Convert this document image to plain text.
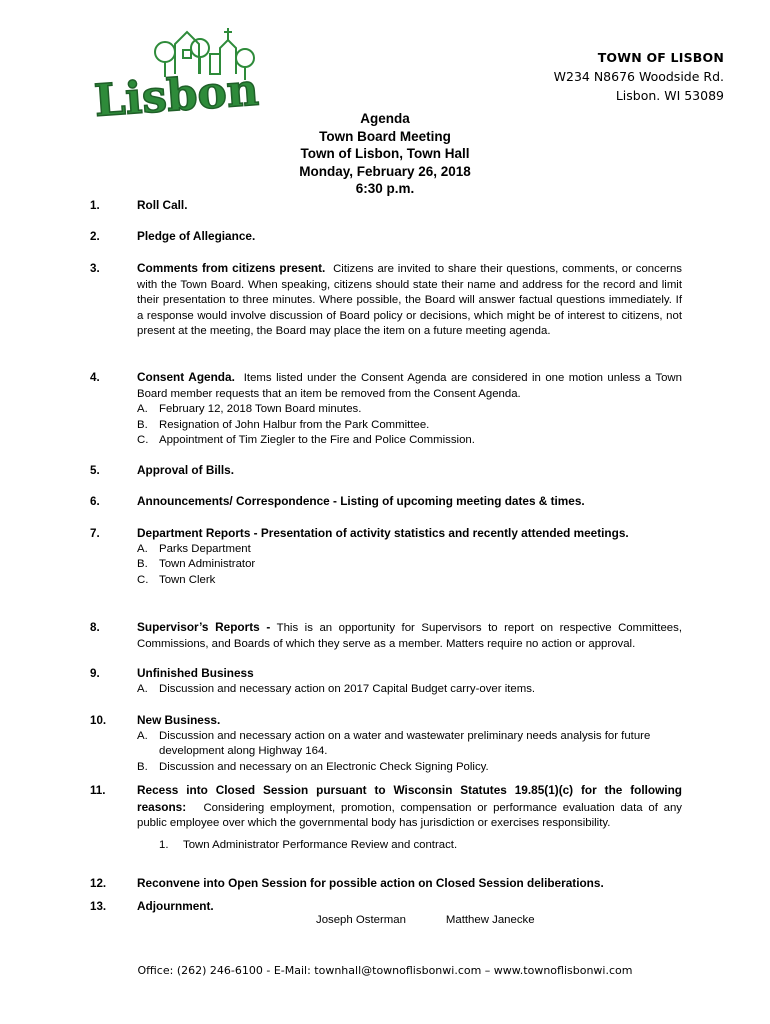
Lisbon
TOWN OF LISBON
W234 N8676 Woodside Rd.
Lisbon. WI 53089
Agenda
Town Board Meeting
Town of Lisbon, Town Hall
Monday, February 26, 2018
6:30 p.m.
1.	Roll Call.
2.	Pledge of Allegiance.
3.	Comments from citizens present. Citizens are invited to share their questions, comments, or concerns with the Town Board. When speaking, citizens should state their name and address for the record and limit their presentation to three minutes. Where possible, the Board will answer factual questions immediately. If a response would involve discussion of Board policy or decisions, which might be of interest to citizens, not present at the meeting, the Board may place the item on a future meeting agenda.
4.	Consent Agenda. Items listed under the Consent Agenda are considered in one motion unless a Town Board member requests that an item be removed from the Consent Agenda.
A. February 12, 2018 Town Board minutes.
B. Resignation of John Halbur from the Park Committee.
C. Appointment of Tim Ziegler to the Fire and Police Commission.
5.	Approval of Bills.
6.	Announcements/ Correspondence - Listing of upcoming meeting dates & times.
7.	Department Reports - Presentation of activity statistics and recently attended meetings.
A. Parks Department
B. Town Administrator
C. Town Clerk
8.	Supervisor’s Reports - This is an opportunity for Supervisors to report on respective Committees, Commissions, and Boards of which they serve as a member. Matters require no action or approval.
9.	Unfinished Business
A. Discussion and necessary action on 2017 Capital Budget carry-over items.
10.	New Business.
A. Discussion and necessary action on a water and wastewater preliminary needs analysis for future development along Highway 164.
B. Discussion and necessary on an Electronic Check Signing Policy.
11.	Recess into Closed Session pursuant to Wisconsin Statutes 19.85(1)(c) for the following reasons: Considering employment, promotion, compensation or performance evaluation data of any public employee over which the governmental body has jurisdiction or exercises responsibility.
1.	Town Administrator Performance Review and contract.
12.	Reconvene into Open Session for possible action on Closed Session deliberations.
13.	Adjournment.
Joseph Osterman	Matthew Janecke
Office: (262) 246-6100 - E-Mail: townhall@townoflisbonwi.com – www.townoflisbonwi.com
